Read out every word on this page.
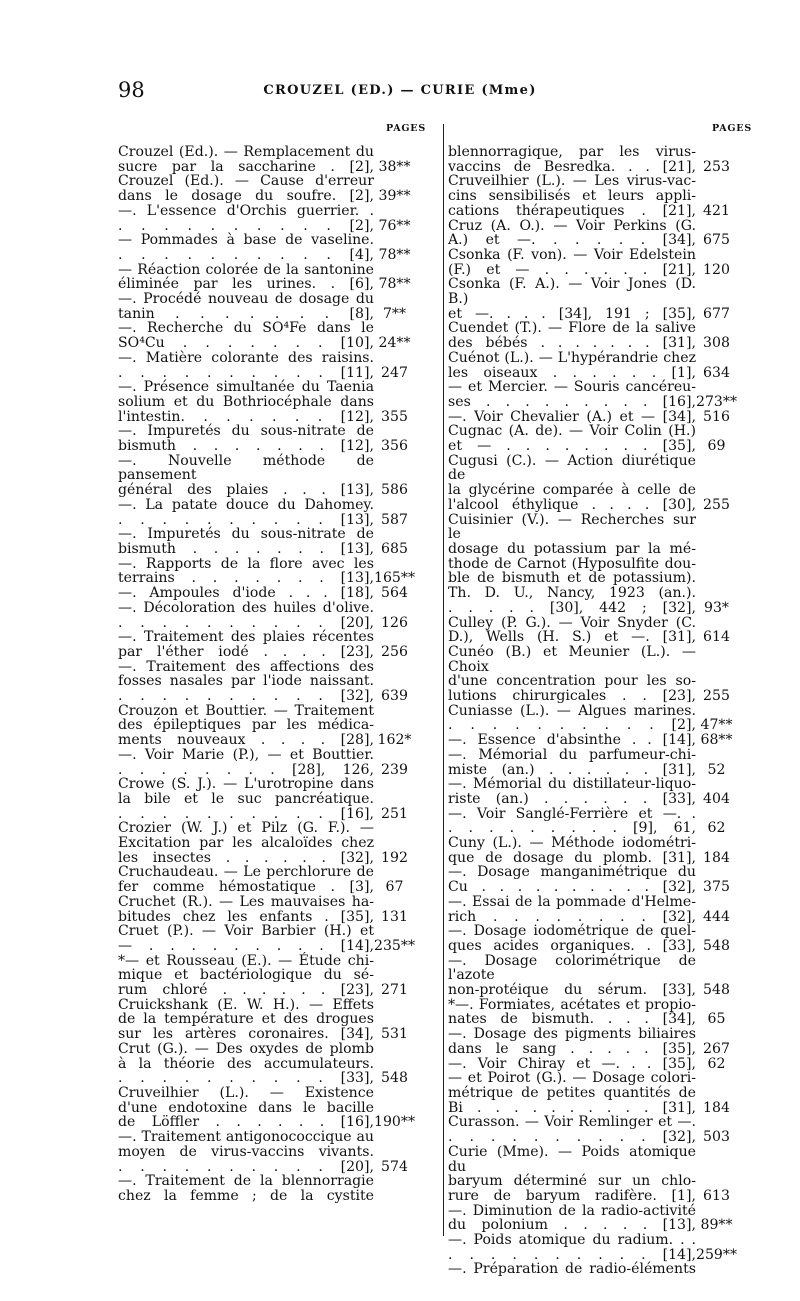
98	CROUZEL (ED.) — CURIE (Mme)
PAGES
Crouzel (Ed.). — Remplacement du
sucre par la saccharine . [2], 38**
Crouzel (Ed.). — Cause d'erreur
dans le dosage du soufre. [2], 39**
—. L'essence d'Orchis guerrier. .
. . . . . . . . . . [2], 76**
— Pommades à base de vaseline.
. . . . . . . . . . [4], 78**
— Réaction colorée de la santonine
éliminée par les urines. . [6], 78**
—. Procédé nouveau de dosage du
tanin . . . . . . . [8], 7**
—. Recherche du SO⁴Fe dans le
SO⁴Cu . . . . . . . [10], 24**
—. Matière colorante des raisins.
. . . . . . . . . . [11], 247
—. Présence simultanée du Taenia
solium et du Bothriocéphale dans
l'intestin. . . . . . . [12], 355
—. Impuretés du sous-nitrate de
bismuth . . . . . . . [12], 356
—. Nouvelle méthode de pansement
général des plaies . . . [13], 586
—. La patate douce du Dahomey.
. . . . . . . . . . [13], 587
—. Impuretés du sous-nitrate de
bismuth . . . . . . . [13], 685
—. Rapports de la flore avec les
terrains . . . . . . . [13], 165**
—. Ampoules d'iode . . . [18], 564
—. Décoloration des huiles d'olive.
. . . . . . . . . . [20], 126
—. Traitement des plaies récentes
par l'éther iodé . . . . [23], 256
—. Traitement des affections des
fosses nasales par l'iode naissant.
. . . . . . . . . . [32], 639
Crouzon et Bouttier. — Traitement
des épileptiques par les médica-
ments nouveaux . . . . [28], 162*
—. Voir Marie (P.), — et Bouttier.
. . . . . . . . [28], 126, 239
Crowe (S. J.). — L'urotropine dans
la bile et le suc pancréatique.
. . . . . . . . . . [16], 251
Crozier (W. J.) et Pilz (G. F.). —
Excitation par les alcaloïdes chez
les insectes . . . . . . [32], 192
Cruchaudeau. — Le perchlorure de
fer comme hémostatique . [3], 67
Cruchet (R.). — Les mauvaises ha-
bitudes chez les enfants . [35], 131
Cruet (P.). — Voir Barbier (H.) et
— . . . . . . . . . [14], 235**
*— et Rousseau (E.). — Étude chi-
mique et bactériologique du sé-
rum chloré . . . . . . [23], 271
Cruickshank (E. W. H.). — Effets
de la température et des drogues
sur les artères coronaires. [34], 531
Crut (G.). — Des oxydes de plomb
à la théorie des accumulateurs.
. . . . . . . . . . [33], 548
Cruveilhier (L.). — Existence
d'une endotoxine dans le bacille
de Löffler . . . . . . [16], 190**
—. Traitement antigonococcique au
moyen de virus-vaccins vivants.
. . . . . . . . . . [20], 574
—. Traitement de la blennorragie
chez la femme ; de la cystite
PAGES
blennorragique, par les virus-
vaccins de Besredka. . . [21], 253
Cruveilhier (L.). — Les virus-vac-
cins sensibilisés et leurs appli-
cations thérapeutiques . [21], 421
Cruz (A. O.). — Voir Perkins (G.
A.) et —. . . . . . [34], 675
Csonka (F. von). — Voir Edelstein
(F.) et — . . . . . . [21], 120
Csonka (F. A.). — Voir Jones (D. B.)
et —. . . . [34], 191 ; [35], 677
Cuendet (T.). — Flore de la salive
des bébés . . . . . . . [31], 308
Cuénot (L.). — L'hypérandrie chez
les oiseaux . . . . . . [1], 634
— et Mercier. — Souris cancéreu-
ses . . . . . . . . . [16], 273**
—. Voir Chevalier (A.) et — [34], 516
Cugnac (A. de). — Voir Colin (H.)
et — . . . . . . . . [35], 69
Cugusi (C.). — Action diurétique de
la glycérine comparée à celle de
l'alcool éthylique . . . . [30], 255
Cuisinier (V.). — Recherches sur le
dosage du potassium par la mé-
thode de Carnot (Hyposulfite dou-
ble de bismuth et de potassium).
Th. D. U., Nancy, 1923 (an.).
. . . . . [30], 442 ; [32], 93*
Culley (P. G.). — Voir Snyder (C.
D.), Wells (H. S.) et —. [31], 614
Cunéo (B.) et Meunier (L.). — Choix
d'une concentration pour les so-
lutions chirurgicales . . [23], 255
Cuniasse (L.). — Algues marines.
. . . . . . . . . . [2], 47**
—. Essence d'absinthe . . [14], 68**
—. Mémorial du parfumeur-chi-
miste (an.) . . . . . . [31], 52
—. Mémorial du distillateur-liquo-
riste (an.) . . . . . . [33], 404
—. Voir Sanglé-Ferrière et —. .
. . . . . . . . . [9], 61, 62
Cuny (L.). — Méthode iodométri-
que de dosage du plomb. [31], 184
—. Dosage manganimétrique du
Cu . . . . . . . . . . [32], 375
—. Essai de la pommade d'Helme-
rich . . . . . . . . [32], 444
—. Dosage iodométrique de quel-
ques acides organiques. . [33], 548
—. Dosage colorimétrique de l'azote
non-protéique du sérum. [33], 548
*—. Formiates, acétates et propio-
nates de bismuth. . . . [34], 65
—. Dosage des pigments biliaires
dans le sang . . . . . [35], 267
—. Voir Chiray et —. . . [35], 62
— et Poirot (G.). — Dosage colori-
métrique de petites quantités de
Bi . . . . . . . . . . [31], 184
Curasson. — Voir Remlinger et —.
. . . . . . . . . . [32], 503
Curie (Mme). — Poids atomique du
baryum déterminé sur un chlo-
rure de baryum radifère. [1], 613
—. Diminution de la radio-activité
du polonium . . . . . [13], 89**
—. Poids atomique du radium. . .
. . . . . . . . . . [14], 259**
—. Préparation de radio-éléments
